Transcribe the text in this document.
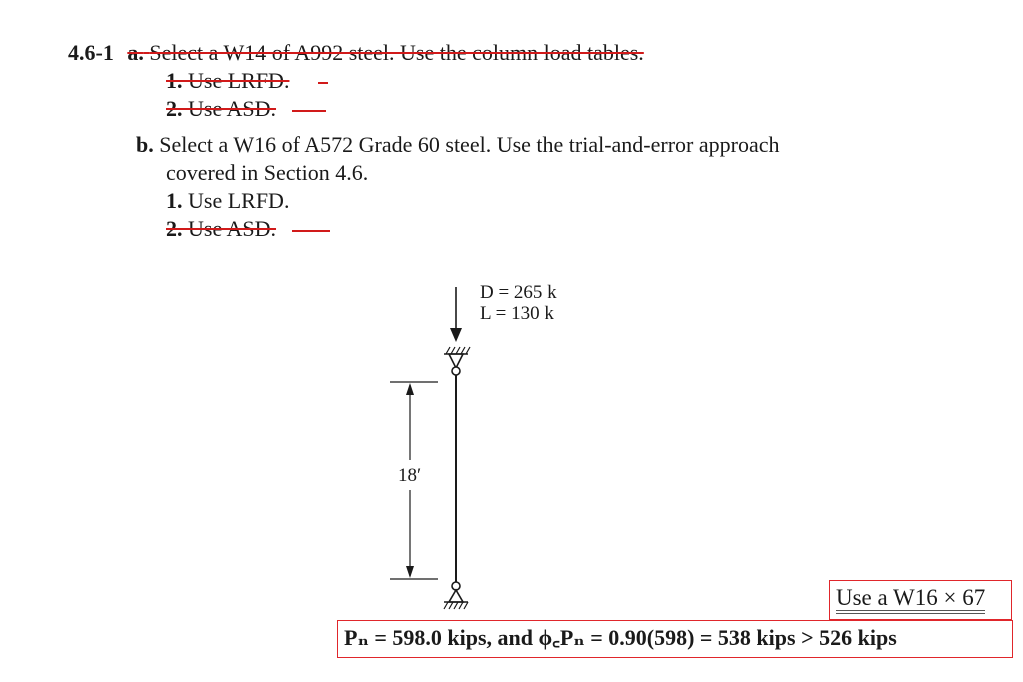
4.6-1 a. Select a W14 of A992 steel. Use the column load tables.
1. Use LRFD.
2. Use ASD.
b. Select a W16 of A572 Grade 60 steel. Use the trial-and-error approach
covered in Section 4.6.
1. Use LRFD.
2. Use ASD.
D = 265 k
L = 130 k
18′
Use a W16 × 67
Pₙ = 598.0 kips, and ϕ꜀Pₙ = 0.90(598) = 538 kips > 526 kips
